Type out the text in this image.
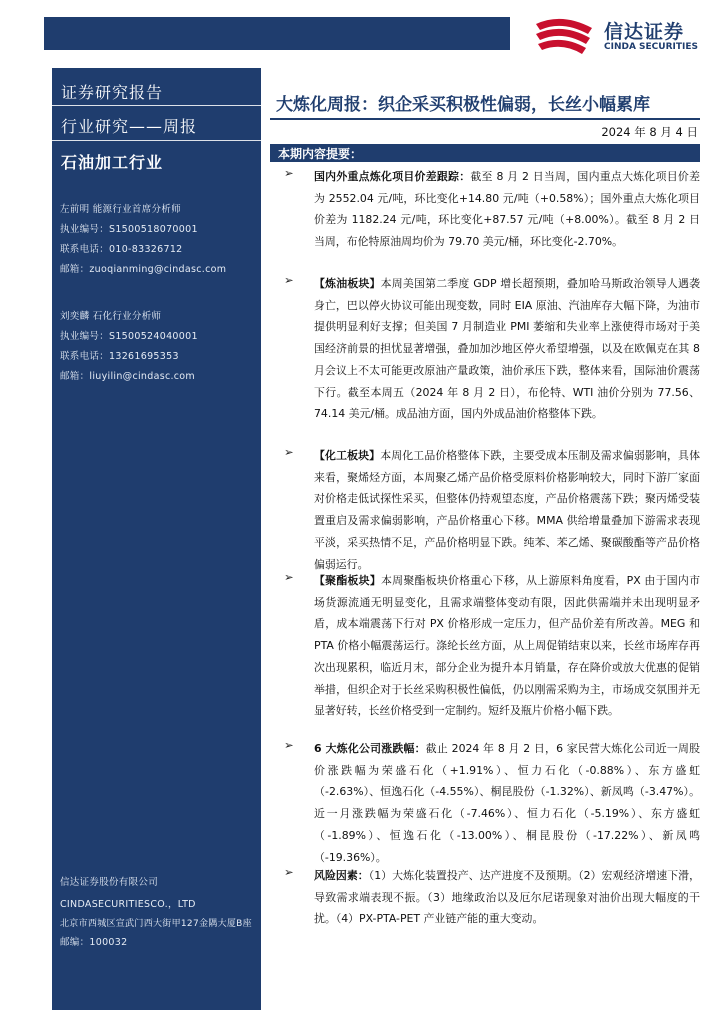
信达证券
CINDA SECURITIES
证券研究报告
行业研究——周报
石油加工行业
左前明 能源行业首席分析师
执业编号：S1500518070001
联系电话：010-83326712
邮箱：zuoqianming@cindasc.com
刘奕麟 石化行业分析师
执业编号：S1500524040001
联系电话：13261695353
邮箱：liuyilin@cindasc.com
信达证券股份有限公司
CINDASECURITIESCO.，LTD
北京市西城区宣武门西大街甲127金隅大厦B座
邮编：100032
大炼化周报：织企采买积极性偏弱，长丝小幅累库
2024 年 8 月 4 日
本期内容提要：
➢ 国内外重点炼化项目价差跟踪：截至 8 月 2 日当周，国内重点大炼化项目价差为 2552.04 元/吨，环比变化+14.80 元/吨（+0.58%）；国外重点大炼化项目价差为 1182.24 元/吨，环比变化+87.57 元/吨（+8.00%）。截至 8 月 2 日当周，布伦特原油周均价为 79.70 美元/桶，环比变化-2.70%。

➢ 【炼油板块】本周美国第二季度 GDP 增长超预期，叠加哈马斯政治领导人遇袭身亡，巴以停火协议可能出现变数，同时 EIA 原油、汽油库存大幅下降，为油市提供明显利好支撑；但美国 7 月制造业 PMI 萎缩和失业率上涨使得市场对于美国经济前景的担忧显著增强，叠加加沙地区停火希望增强，以及在欧佩克在其 8 月会议上不太可能更改原油产量政策，油价承压下跌，整体来看，国际油价震荡下行。截至本周五（2024 年 8 月 2 日），布伦特、WTI 油价分别为 77.56、74.14 美元/桶。成品油方面，国内外成品油价格整体下跌。

➢ 【化工板块】本周化工品价格整体下跌，主要受成本压制及需求偏弱影响，具体来看，聚烯烃方面，本周聚乙烯产品价格受原料价格影响较大，同时下游厂家面对价格走低试探性采买，但整体仍持观望态度，产品价格震荡下跌；聚丙烯受装置重启及需求偏弱影响，产品价格重心下移。MMA 供给增量叠加下游需求表现平淡，采买热情不足，产品价格明显下跌。纯苯、苯乙烯、聚碳酸酯等产品价格偏弱运行。

➢ 【聚酯板块】本周聚酯板块价格重心下移，从上游原料角度看，PX 由于国内市场货源流通无明显变化，且需求端整体变动有限，因此供需端并未出现明显矛盾，成本端震荡下行对 PX 价格形成一定压力，但产品价差有所改善。MEG 和 PTA 价格小幅震荡运行。涤纶长丝方面，从上周促销结束以来，长丝市场库存再次出现累积，临近月末，部分企业为提升本月销量，存在降价或放大优惠的促销举措，但织企对于长丝采购积极性偏低，仍以刚需采购为主，市场成交氛围并无显著好转，长丝价格受到一定制约。短纤及瓶片价格小幅下跌。

➢ 6 大炼化公司涨跌幅：截止 2024 年 8 月 2 日，6 家民营大炼化公司近一周股价涨跌幅为荣盛石化（+1.91%）、恒力石化（-0.88%）、东方盛虹（-2.63%）、恒逸石化（-4.55%）、桐昆股份（-1.32%）、新凤鸣（-3.47%）。近一月涨跌幅为荣盛石化（-7.46%）、恒力石化（-5.19%）、东方盛虹（-1.89%）、恒逸石化（-13.00%）、桐昆股份（-17.22%）、新凤鸣（-19.36%）。

➢ 风险因素：（1）大炼化装置投产、达产进度不及预期。（2）宏观经济增速下滑，导致需求端表现不振。（3）地缘政治以及厄尔尼诺现象对油价出现大幅度的干扰。（4）PX-PTA-PET 产业链产能的重大变动。
